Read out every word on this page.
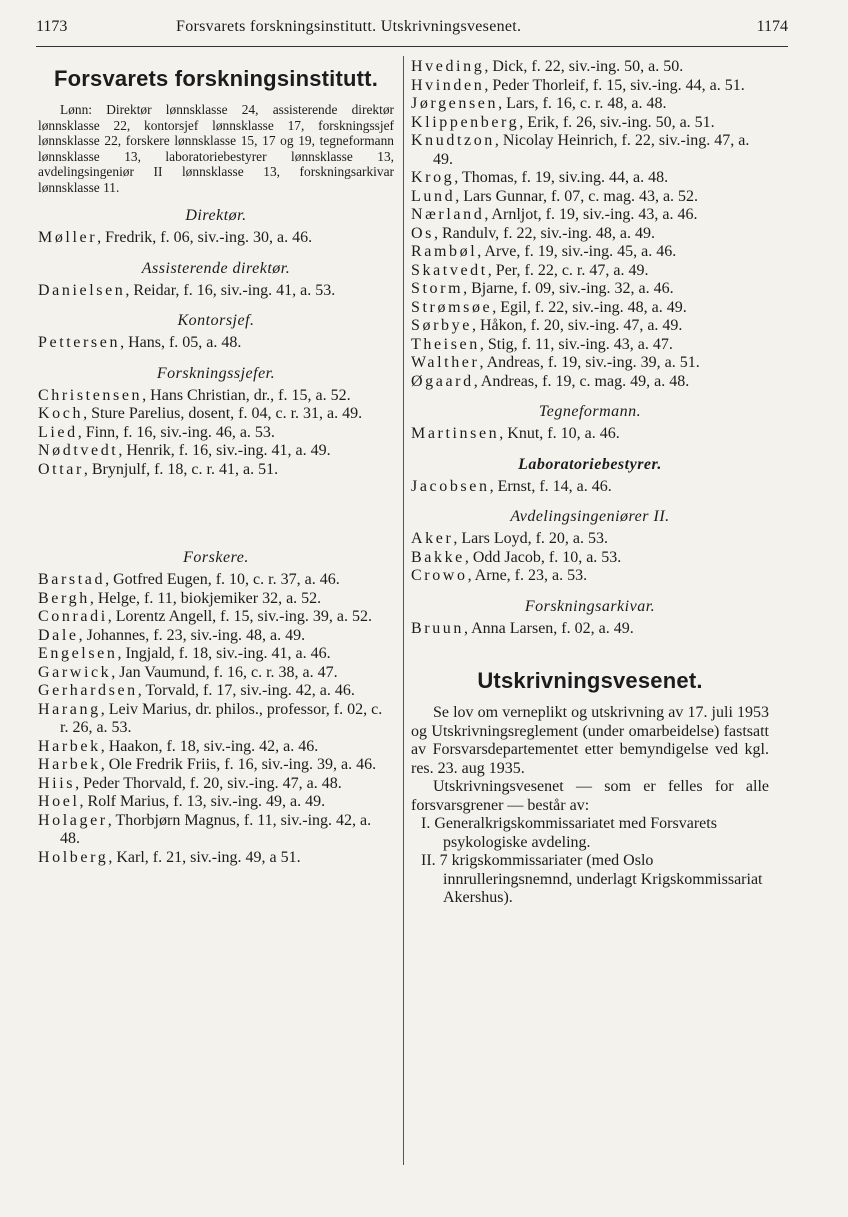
1173	Forsvarets forskningsinstitutt. Utskrivningsvesenet.	1174
Forsvarets forskningsinstitutt.

Lønn: Direktør lønnsklasse 24, assisterende direktør lønnsklasse 22, kontorsjef lønnsklasse 17, forskningssjef lønnsklasse 22, forskere lønnsklasse 15, 17 og 19, tegneformann lønnsklasse 13, laboratoriebestyrer lønnsklasse 13, avdelingsingeniør II lønnsklasse 13, forskningsarkivar lønnsklasse 11.

Direktør.

Møller, Fredrik, f. 06, siv.-ing. 30, a. 46.

Assisterende direktør.

Danielsen, Reidar, f. 16, siv.-ing. 41, a. 53.

Kontorsjef.

Pettersen, Hans, f. 05, a. 48.

Forskningssjefer.

Christensen, Hans Christian, dr., f. 15, a. 52.

Koch, Sture Parelius, dosent, f. 04, c. r. 31, a. 49.

Lied, Finn, f. 16, siv.-ing. 46, a. 53.

Nødtvedt, Henrik, f. 16, siv.-ing. 41, a. 49.

Ottar, Brynjulf, f. 18, c. r. 41, a. 51.

Forskere.

Barstad, Gotfred Eugen, f. 10, c. r. 37, a. 46.

Bergh, Helge, f. 11, biokjemiker 32, a. 52.

Conradi, Lorentz Angell, f. 15, siv.-ing. 39, a. 52.

Dale, Johannes, f. 23, siv.-ing. 48, a. 49.

Engelsen, Ingjald, f. 18, siv.-ing. 41, a. 46.

Garwick, Jan Vaumund, f. 16, c. r. 38, a. 47.

Gerhardsen, Torvald, f. 17, siv.-ing. 42, a. 46.

Harang, Leiv Marius, dr. philos., professor, f. 02, c. r. 26, a. 53.

Harbek, Haakon, f. 18, siv.-ing. 42, a. 46.

Harbek, Ole Fredrik Friis, f. 16, siv.-ing. 39, a. 46.

Hiis, Peder Thorvald, f. 20, siv.-ing. 47, a. 48.

Hoel, Rolf Marius, f. 13, siv.-ing. 49, a. 49.

Holager, Thorbjørn Magnus, f. 11, siv.-ing. 42, a. 48.

Holberg, Karl, f. 21, siv.-ing. 49, a 51.

Hveding, Dick, f. 22, siv.-ing. 50, a. 50.

Hvinden, Peder Thorleif, f. 15, siv.-ing. 44, a. 51.

Jørgensen, Lars, f. 16, c. r. 48, a. 48.

Klippenberg, Erik, f. 26, siv.-ing. 50, a. 51.

Knudtzon, Nicolay Heinrich, f. 22, siv.-ing. 47, a. 49.

Krog, Thomas, f. 19, siv.ing. 44, a. 48.

Lund, Lars Gunnar, f. 07, c. mag. 43, a. 52.

Nærland, Arnljot, f. 19, siv.-ing. 43, a. 46.

Os, Randulv, f. 22, siv.-ing. 48, a. 49.

Rambøl, Arve, f. 19, siv.-ing. 45, a. 46.

Skatvedt, Per, f. 22, c. r. 47, a. 49.

Storm, Bjarne, f. 09, siv.-ing. 32, a. 46.

Strømsøe, Egil, f. 22, siv.-ing. 48, a. 49.

Sørbye, Håkon, f. 20, siv.-ing. 47, a. 49.

Theisen, Stig, f. 11, siv.-ing. 43, a. 47.

Walther, Andreas, f. 19, siv.-ing. 39, a. 51.

Øgaard, Andreas, f. 19, c. mag. 49, a. 48.

Tegneformann.

Martinsen, Knut, f. 10, a. 46.

Laboratoriebestyrer.

Jacobsen, Ernst, f. 14, a. 46.

Avdelingsingeniører II.

Aker, Lars Loyd, f. 20, a. 53.

Bakke, Odd Jacob, f. 10, a. 53.

Crowo, Arne, f. 23, a. 53.

Forskningsarkivar.

Bruun, Anna Larsen, f. 02, a. 49.

Utskrivningsvesenet.

Se lov om verneplikt og utskrivning av 17. juli 1953 og Utskrivningsreglement (under omarbeidelse) fastsatt av Forsvarsdepartementet etter bemyndigelse ved kgl. res. 23. aug 1935.

Utskrivningsvesenet — som er felles for alle forsvarsgrener — består av:

I. Generalkrigskommissariatet med Forsvarets psykologiske avdeling.

II. 7 krigskommissariater (med Oslo innrulleringsnemnd, underlagt Krigskommissariat Akershus).
